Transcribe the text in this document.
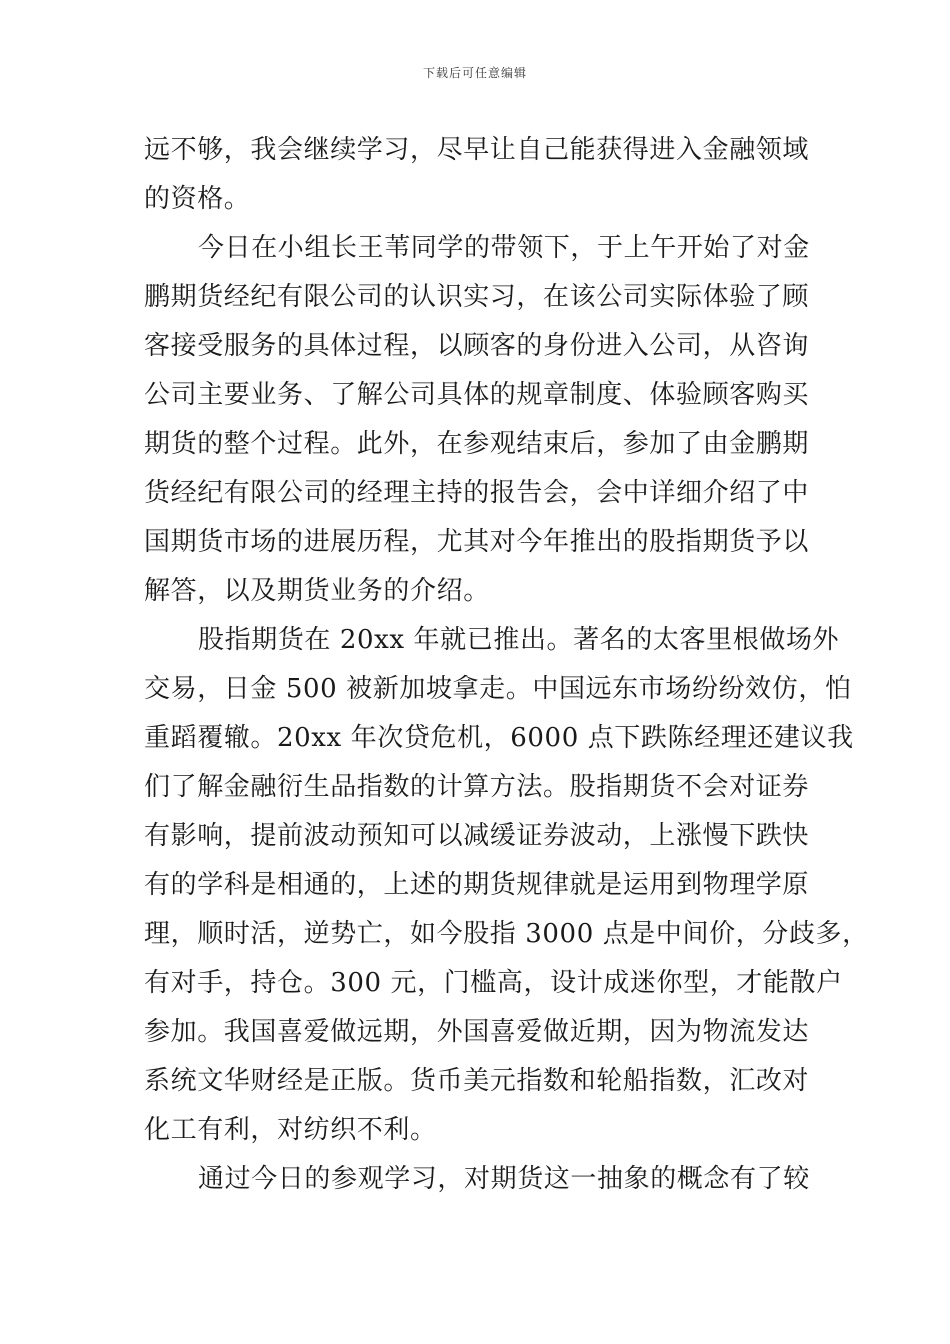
下载后可任意编辑
远不够，我会继续学习，尽早让自己能获得进入金融领域
的资格。
今日在小组长王苇同学的带领下，于上午开始了对金
鹏期货经纪有限公司的认识实习，在该公司实际体验了顾
客接受服务的具体过程，以顾客的身份进入公司，从咨询
公司主要业务、了解公司具体的规章制度、体验顾客购买
期货的整个过程。此外，在参观结束后，参加了由金鹏期
货经纪有限公司的经理主持的报告会，会中详细介绍了中
国期货市场的进展历程，尤其对今年推出的股指期货予以
解答，以及期货业务的介绍。
股指期货在 20xx 年就已推出。著名的太客里根做场外
交易，日金 500 被新加坡拿走。中国远东市场纷纷效仿，怕
重蹈覆辙。20xx 年次贷危机，6000 点下跌陈经理还建议我
们了解金融衍生品指数的计算方法。股指期货不会对证券
有影响，提前波动预知可以减缓证券波动，上涨慢下跌快
有的学科是相通的，上述的期货规律就是运用到物理学原
理，顺时活，逆势亡，如今股指 3000 点是中间价，分歧多，
有对手，持仓。300 元，门槛高，设计成迷你型，才能散户
参加。我国喜爱做远期，外国喜爱做近期，因为物流发达
系统文华财经是正版。货币美元指数和轮船指数，汇改对
化工有利，对纺织不利。
通过今日的参观学习，对期货这一抽象的概念有了较
